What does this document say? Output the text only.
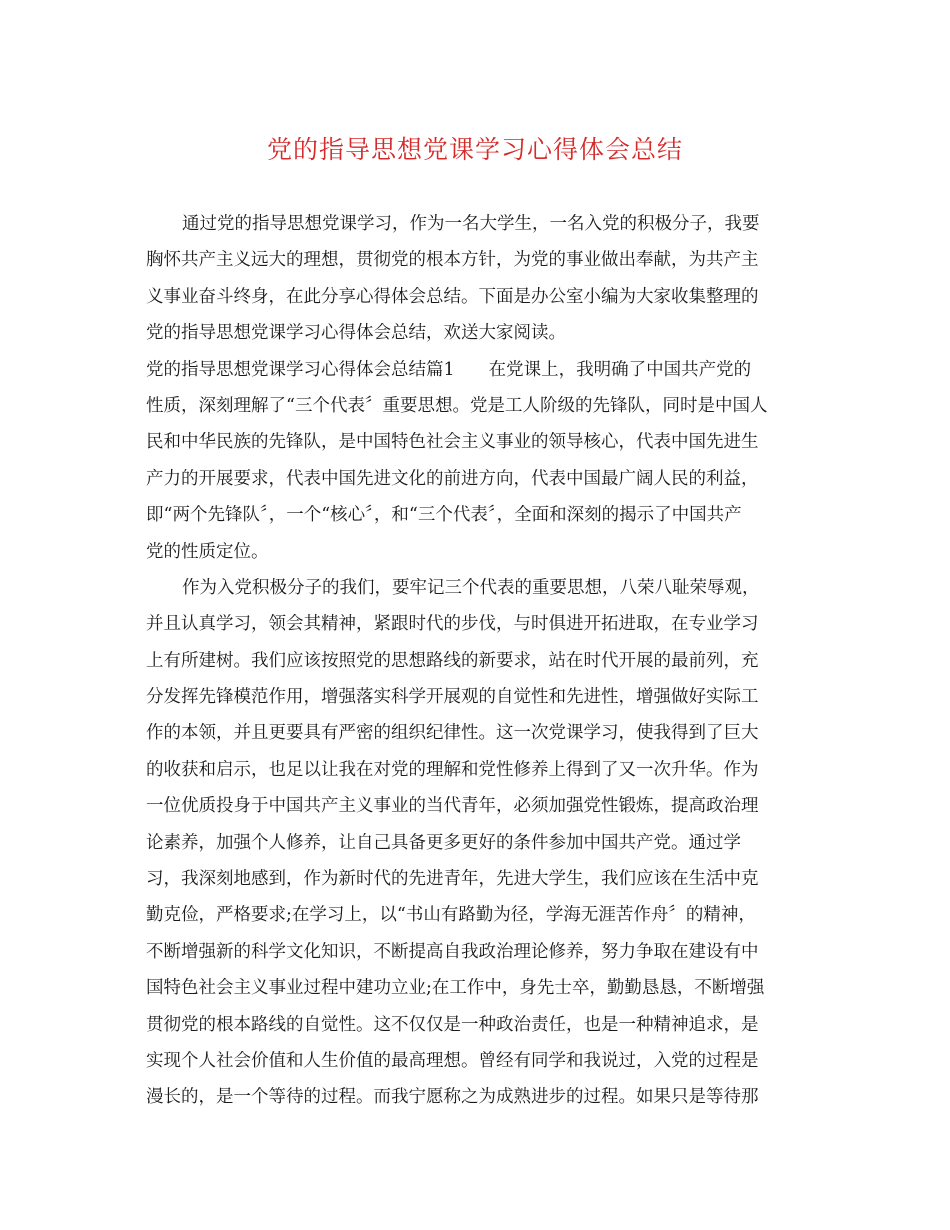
党的指导思想党课学习心得体会总结
通过党的指导思想党课学习，作为一名大学生，一名入党的积极分子，我要
胸怀共产主义远大的理想，贯彻党的根本方针，为党的事业做出奉献，为共产主
义事业奋斗终身，在此分享心得体会总结。下面是办公室小编为大家收集整理的
党的指导思想党课学习心得体会总结，欢送大家阅读。
党的指导思想党课学习心得体会总结篇1 在党课上，我明确了中国共产党的
性质，深刻理解了“三个代表〞重要思想。党是工人阶级的先锋队，同时是中国人
民和中华民族的先锋队，是中国特色社会主义事业的领导核心，代表中国先进生
产力的开展要求，代表中国先进文化的前进方向，代表中国最广阔人民的利益，
即“两个先锋队〞，一个“核心〞，和“三个代表〞，全面和深刻的揭示了中国共产
党的性质定位。
作为入党积极分子的我们，要牢记三个代表的重要思想，八荣八耻荣辱观，
并且认真学习，领会其精神，紧跟时代的步伐，与时俱进开拓进取，在专业学习
上有所建树。我们应该按照党的思想路线的新要求，站在时代开展的最前列，充
分发挥先锋模范作用，增强落实科学开展观的自觉性和先进性，增强做好实际工
作的本领，并且更要具有严密的组织纪律性。这一次党课学习，使我得到了巨大
的收获和启示，也足以让我在对党的理解和党性修养上得到了又一次升华。作为
一位优质投身于中国共产主义事业的当代青年，必须加强党性锻炼，提高政治理
论素养，加强个人修养，让自己具备更多更好的条件参加中国共产党。通过学
习，我深刻地感到，作为新时代的先进青年，先进大学生，我们应该在生活中克
勤克俭，严格要求;在学习上，以“书山有路勤为径，学海无涯苦作舟〞的精神，
不断增强新的科学文化知识，不断提高自我政治理论修养，努力争取在建设有中
国特色社会主义事业过程中建功立业;在工作中，身先士卒，勤勤恳恳，不断增强
贯彻党的根本路线的自觉性。这不仅仅是一种政治责任，也是一种精神追求，是
实现个人社会价值和人生价值的最高理想。曾经有同学和我说过，入党的过程是
漫长的，是一个等待的过程。而我宁愿称之为成熟进步的过程。如果只是等待那
